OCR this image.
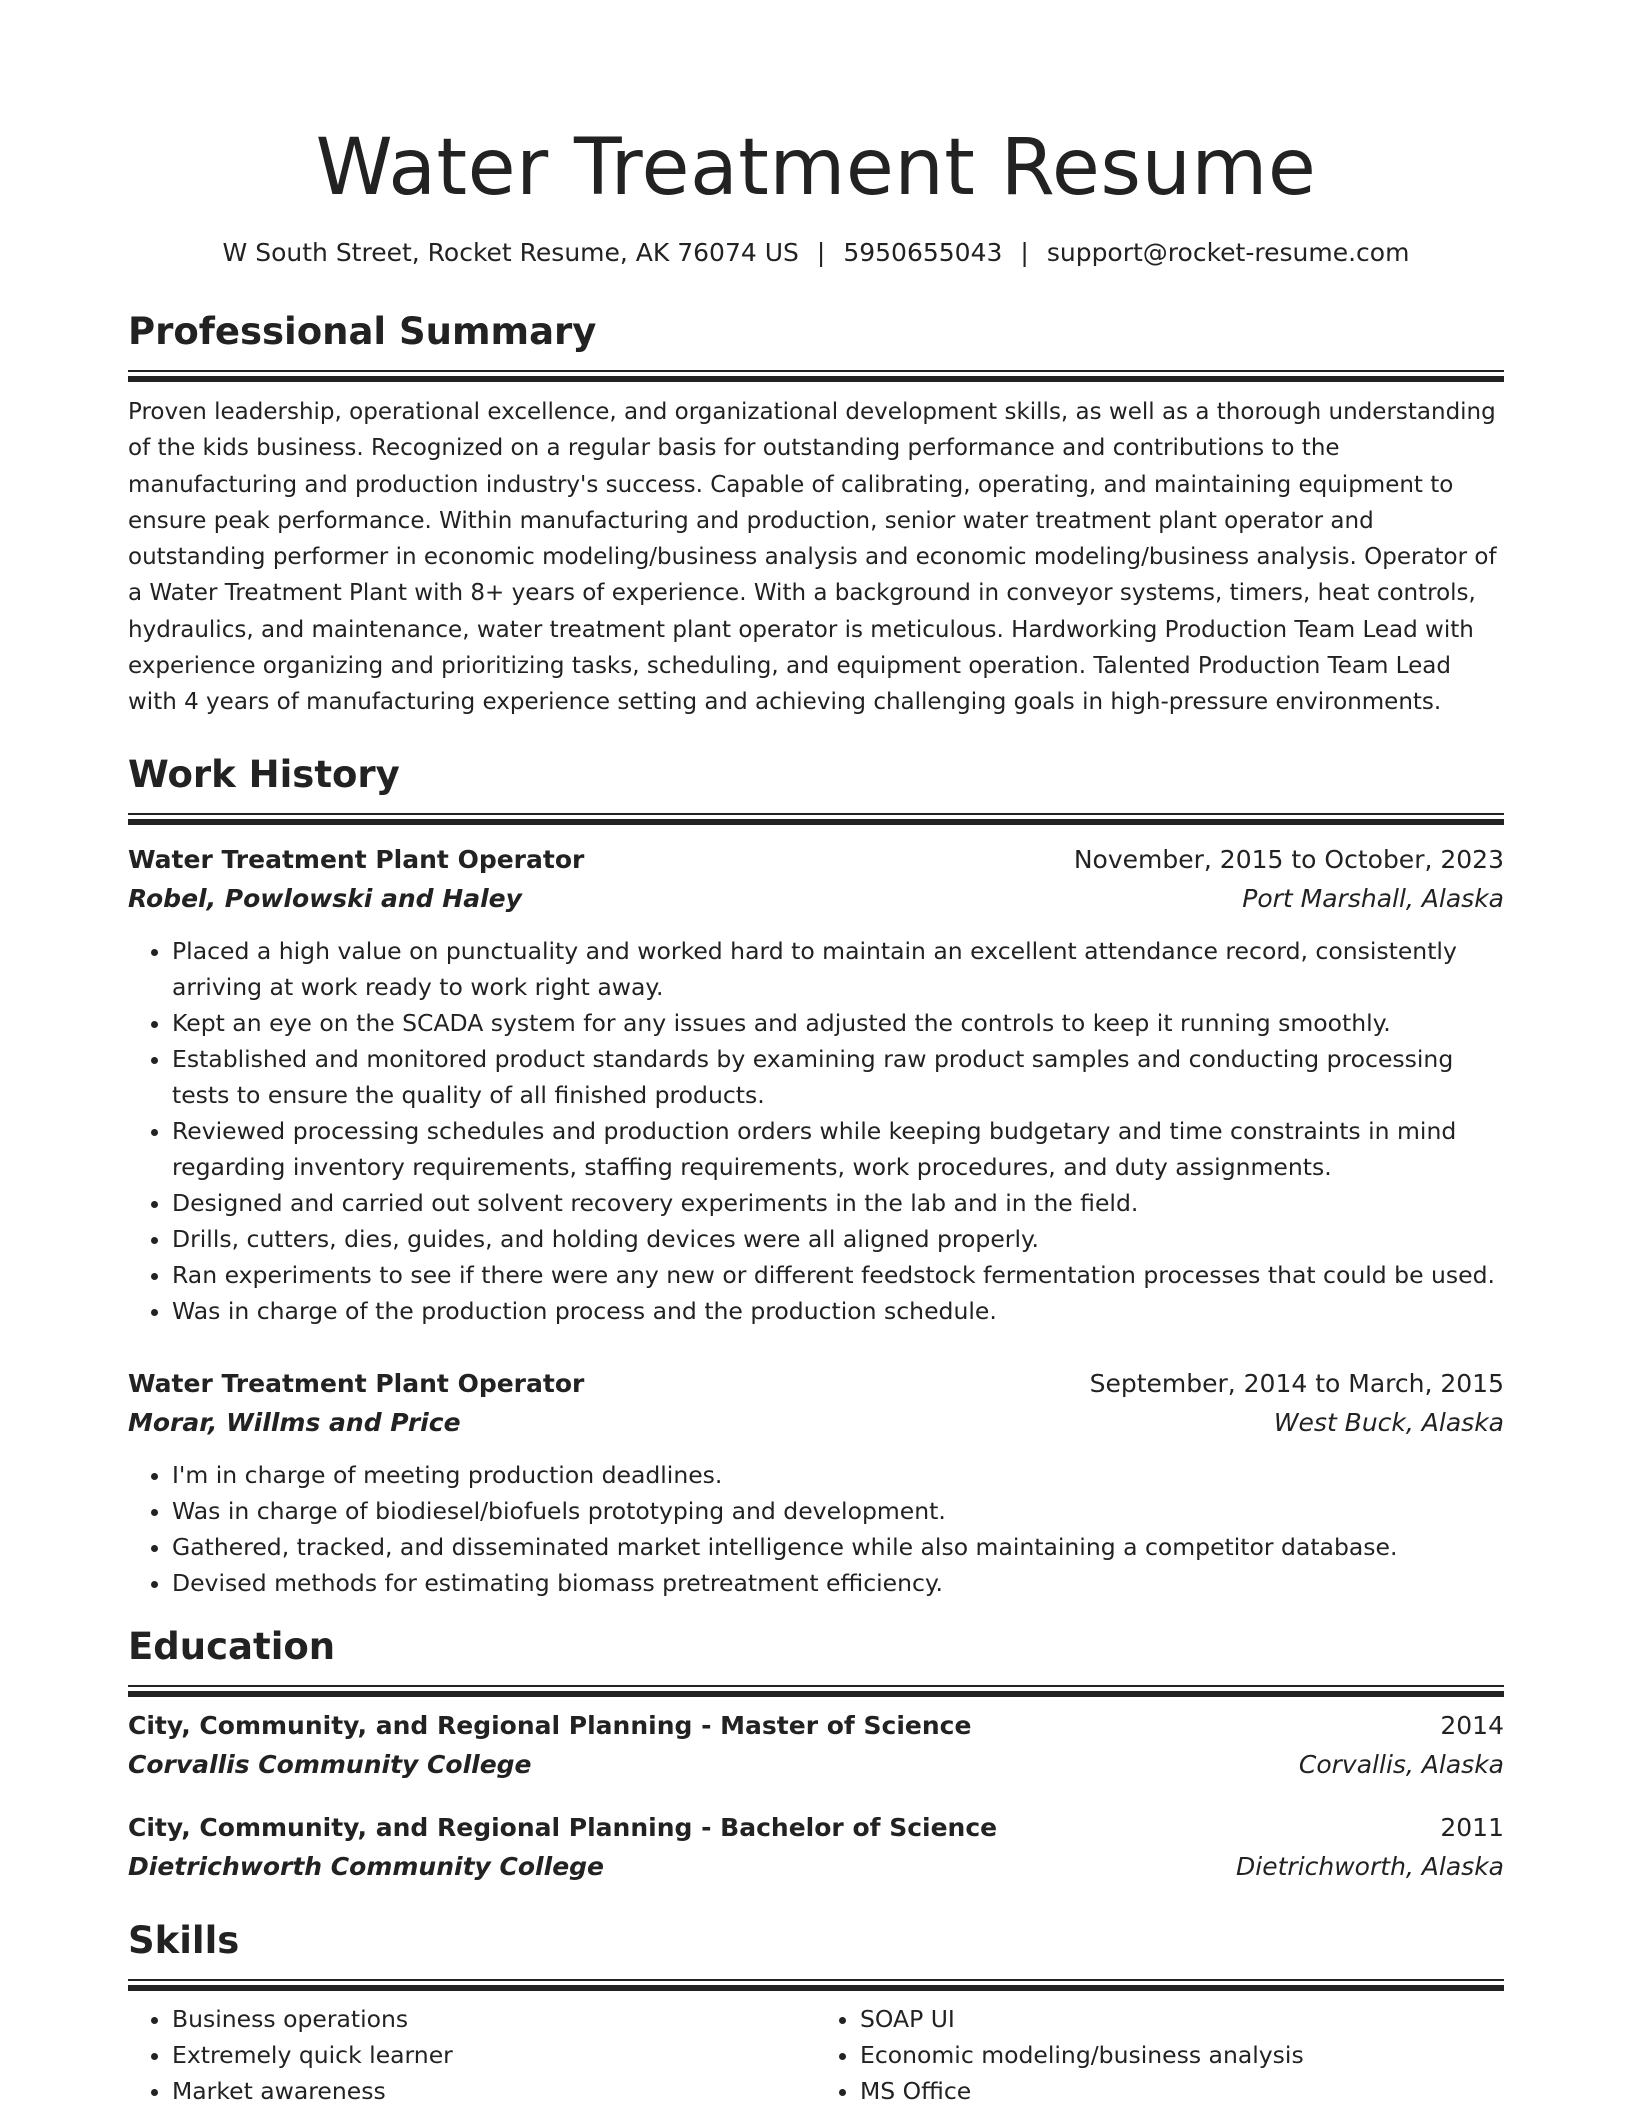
Water Treatment Resume
W South Street, Rocket Resume, AK 76074 US | 5950655043 | support@rocket-resume.com
Professional Summary

Proven leadership, operational excellence, and organizational development skills, as well as a thorough understanding of the kids business. Recognized on a regular basis for outstanding performance and contributions to the manufacturing and production industry's success. Capable of calibrating, operating, and maintaining equipment to ensure peak performance. Within manufacturing and production, senior water treatment plant operator and outstanding performer in economic modeling/business analysis and economic modeling/business analysis. Operator of a Water Treatment Plant with 8+ years of experience. With a background in conveyor systems, timers, heat controls, hydraulics, and maintenance, water treatment plant operator is meticulous. Hardworking Production Team Lead with experience organizing and prioritizing tasks, scheduling, and equipment operation. Talented Production Team Lead with 4 years of manufacturing experience setting and achieving challenging goals in high-pressure environments.

Work History
Water Treatment Plant Operator	November, 2015 to October, 2023
Robel, Powlowski and Haley	Port Marshall, Alaska
• Placed a high value on punctuality and worked hard to maintain an excellent attendance record, consistently arriving at work ready to work right away.
• Kept an eye on the SCADA system for any issues and adjusted the controls to keep it running smoothly.
• Established and monitored product standards by examining raw product samples and conducting processing tests to ensure the quality of all finished products.
• Reviewed processing schedules and production orders while keeping budgetary and time constraints in mind regarding inventory requirements, staffing requirements, work procedures, and duty assignments.
• Designed and carried out solvent recovery experiments in the lab and in the field.
• Drills, cutters, dies, guides, and holding devices were all aligned properly.
• Ran experiments to see if there were any new or different feedstock fermentation processes that could be used.
• Was in charge of the production process and the production schedule.
Water Treatment Plant Operator	September, 2014 to March, 2015
Morar, Willms and Price	West Buck, Alaska
• I'm in charge of meeting production deadlines.
• Was in charge of biodiesel/biofuels prototyping and development.
• Gathered, tracked, and disseminated market intelligence while also maintaining a competitor database.
• Devised methods for estimating biomass pretreatment efficiency.
Education
City, Community, and Regional Planning - Master of Science	2014
Corvallis Community College	Corvallis, Alaska
City, Community, and Regional Planning - Bachelor of Science	2011
Dietrichworth Community College	Dietrichworth, Alaska
Skills
• Business operations
• Extremely quick learner
• Market awareness
• SOAP UI
• Economic modeling/business analysis
• MS Office
